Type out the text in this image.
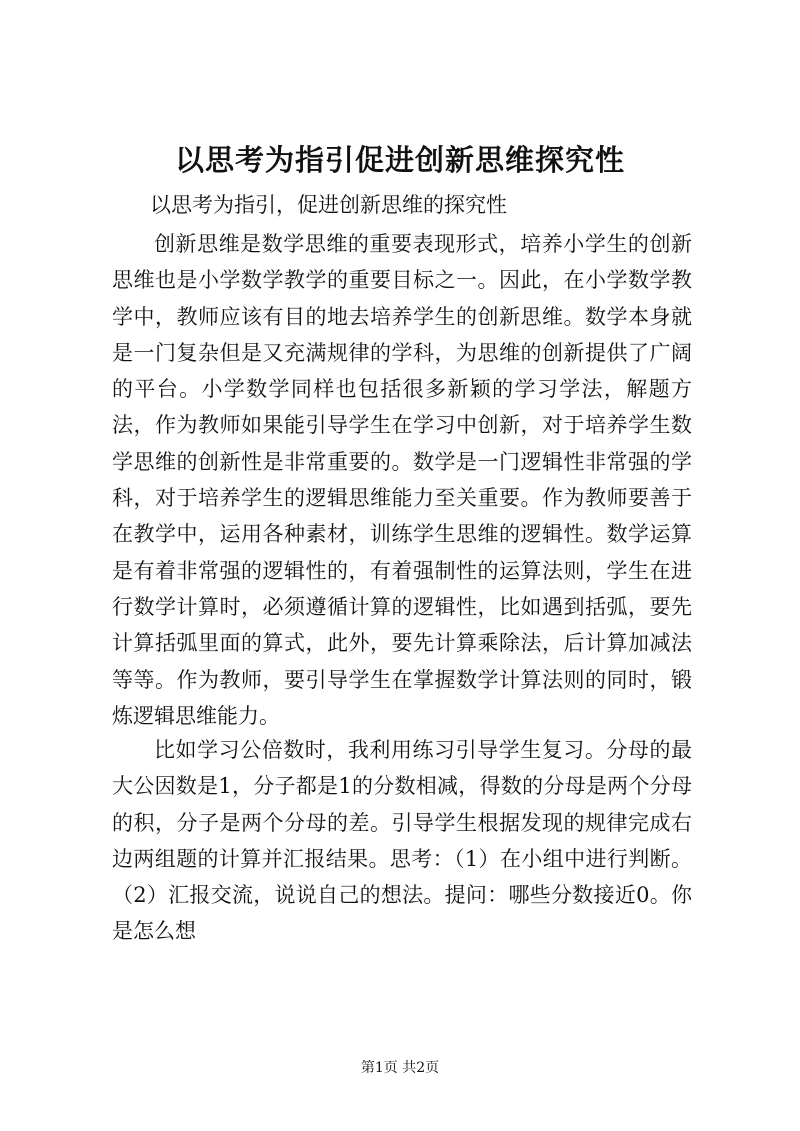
以思考为指引促进创新思维探究性
以思考为指引，促进创新思维的探究性

创新思维是数学思维的重要表现形式，培养小学生的创新思维也是小学数学教学的重要目标之一。因此，在小学数学教学中，教师应该有目的地去培养学生的创新思维。数学本身就是一门复杂但是又充满规律的学科，为思维的创新提供了广阔的平台。小学数学同样也包括很多新颖的学习学法，解题方法，作为教师如果能引导学生在学习中创新，对于培养学生数学思维的创新性是非常重要的。数学是一门逻辑性非常强的学科，对于培养学生的逻辑思维能力至关重要。作为教师要善于在教学中，运用各种素材，训练学生思维的逻辑性。数学运算是有着非常强的逻辑性的，有着强制性的运算法则，学生在进行数学计算时，必须遵循计算的逻辑性，比如遇到括弧，要先计算括弧里面的算式，此外，要先计算乘除法，后计算加减法等等。作为教师，要引导学生在掌握数学计算法则的同时，锻炼逻辑思维能力。

比如学习公倍数时，我利用练习引导学生复习。分母的最大公因数是1，分子都是1的分数相减，得数的分母是两个分母的积，分子是两个分母的差。引导学生根据发现的规律完成右边两组题的计算并汇报结果。思考：（1）在小组中进行判断。（2）汇报交流，说说自己的想法。提问：哪些分数接近0。你是怎么想

第1页 共2页
